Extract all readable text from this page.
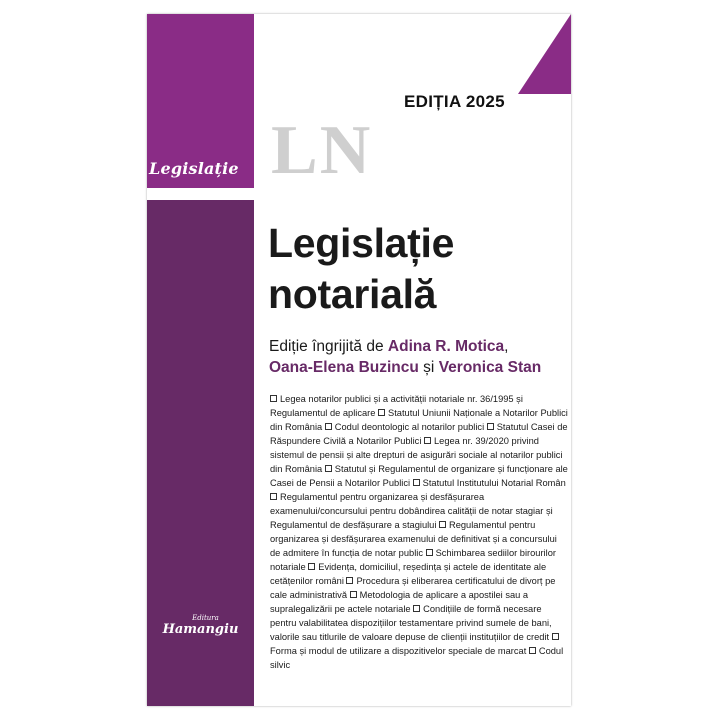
Legislație
EDIȚIA 2025
LN
Legislație
notarială
Ediție îngrijită de Adina R. Motica,
Oana-Elena Buzincu și Veronica Stan
Legea notarilor publici și a activității notariale nr. 36/1995 și Regulamentul de aplicare Statutul Uniunii Naționale a Notarilor Publici din România Codul deontologic al notarilor publici Statutul Casei de Răspundere Civilă a Notarilor Publici Legea nr. 39/2020 privind sistemul de pensii și alte drepturi de asigurări sociale al notarilor publici din România Statutul și Regulamentul de organizare și funcționare ale Casei de Pensii a Notarilor Publici Statutul Institutului Notarial Român Regulamentul pentru organizarea și desfășurarea examenului/concursului pentru dobândirea calității de notar stagiar și Regulamentul de desfășurare a stagiului Regulamentul pentru organizarea și desfășurarea examenului de definitivat și a concursului de admitere în funcția de notar public Schimbarea sediilor birourilor notariale Evidența, domiciliul, reședința și actele de identitate ale cetățenilor români Procedura și eliberarea certificatului de divorț pe cale administrativă Metodologia de aplicare a apostilei sau a supralegalizării pe actele notariale Condițiile de formă necesare pentru valabilitatea dispozițiilor testamentare privind sumele de bani, valorile sau titlurile de valoare depuse de clienții instituțiilor de credit Forma și modul de utilizare a dispozitivelor speciale de marcat Codul silvic
Editura
Hamangiu
